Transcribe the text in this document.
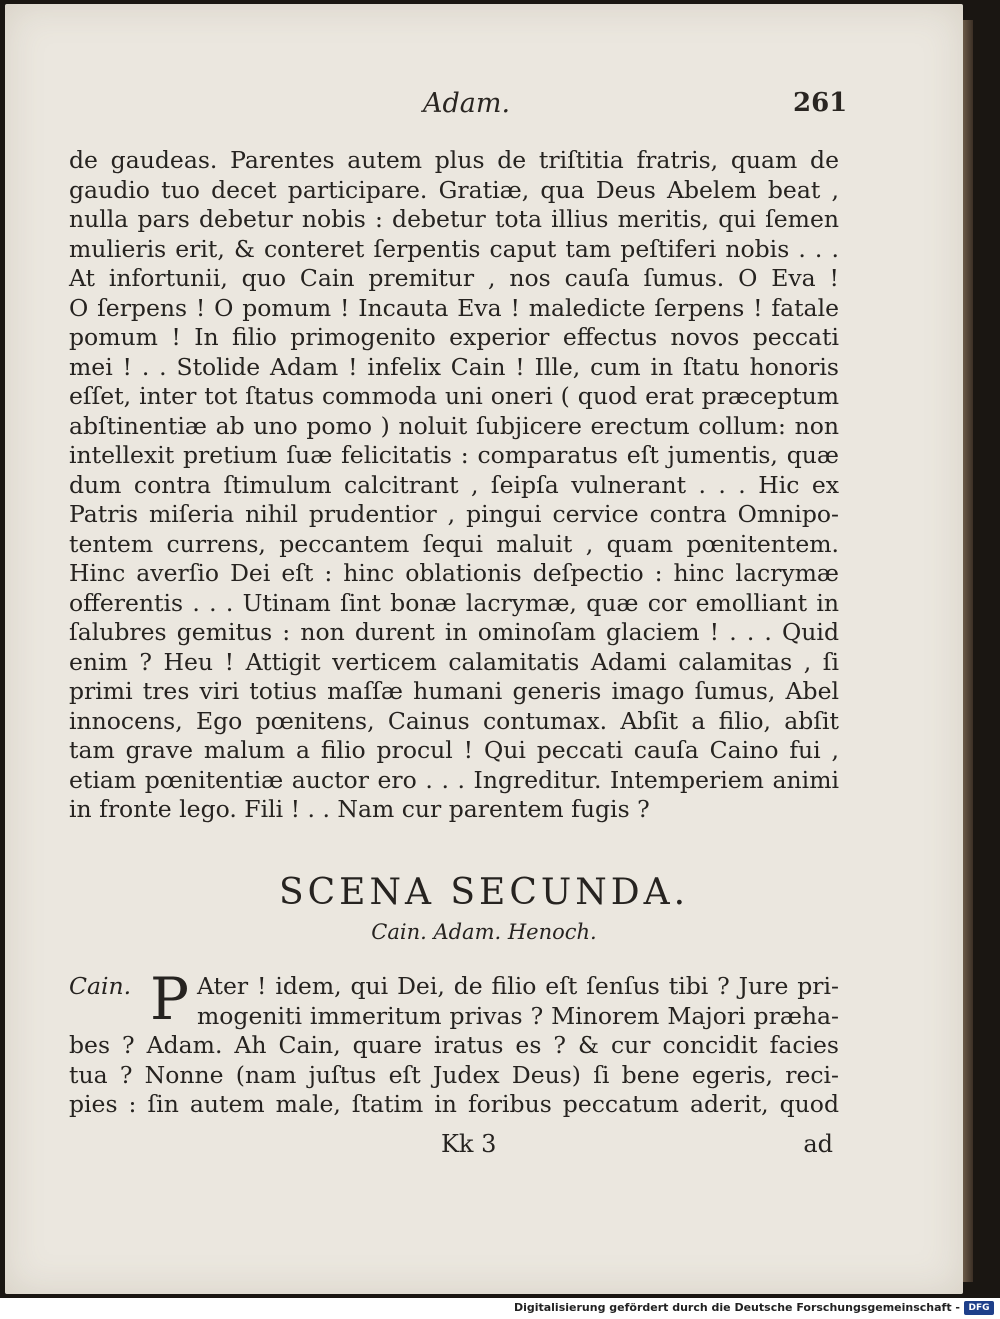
Adam.	261
de gaudeas. Parentes autem plus de triſtitia fratris, quam de
gaudio tuo decet participare. Gratiæ, qua Deus Abelem beat ,
nulla pars debetur nobis : debetur tota illius meritis, qui ſemen
mulieris erit, & conteret ſerpentis caput tam peſtiferi nobis . . .
At infortunii, quo Cain premitur , nos cauſa ſumus. O Eva !
O ſerpens ! O pomum ! Incauta Eva ! maledicte ſerpens ! fatale
pomum ! In filio primogenito experior effectus novos peccati
mei ! . . Stolide Adam ! infelix Cain ! Ille, cum in ſtatu honoris
eſſet, inter tot ſtatus commoda uni oneri ( quod erat præceptum
abſtinentiæ ab uno pomo ) noluit ſubjicere erectum collum: non
intellexit pretium ſuæ felicitatis : comparatus eſt jumentis, quæ
dum contra ſtimulum calcitrant , ſeipſa vulnerant . . . Hic ex
Patris miſeria nihil prudentior , pingui cervice contra Omnipo-
tentem currens, peccantem ſequi maluit , quam pœnitentem.
Hinc averſio Dei eſt : hinc oblationis deſpectio : hinc lacrymæ
offerentis . . . Utinam ſint bonæ lacrymæ, quæ cor emolliant in
ſalubres gemitus : non durent in ominoſam glaciem ! . . . Quid
enim ? Heu ! Attigit verticem calamitatis Adami calamitas , ſi
primi tres viri totius maſſæ humani generis imago ſumus, Abel
innocens, Ego pœnitens, Cainus contumax. Abſit a filio, abſit
tam grave malum a filio procul ! Qui peccati cauſa Caino fui ,
etiam pœnitentiæ auctor ero . . . Ingreditur. Intemperiem animi
in fronte lego. Fili ! . . Nam cur parentem fugis ?
SCENA SECUNDA.
Cain. Adam. Henoch.
Cain. P Ater ! idem, qui Dei, de filio eſt ſenſus tibi ? Jure pri-
mogeniti immeritum privas ? Minorem Majori præha-
bes ? Adam. Ah Cain, quare iratus es ? & cur concidit facies
tua ? Nonne (nam juſtus eſt Judex Deus) ſi bene egeris, reci-
pies : ſin autem male, ſtatim in foribus peccatum aderit, quod
Kk 3	ad
Digitalisierung gefördert durch die Deutsche Forschungsgemeinschaft - DFG
